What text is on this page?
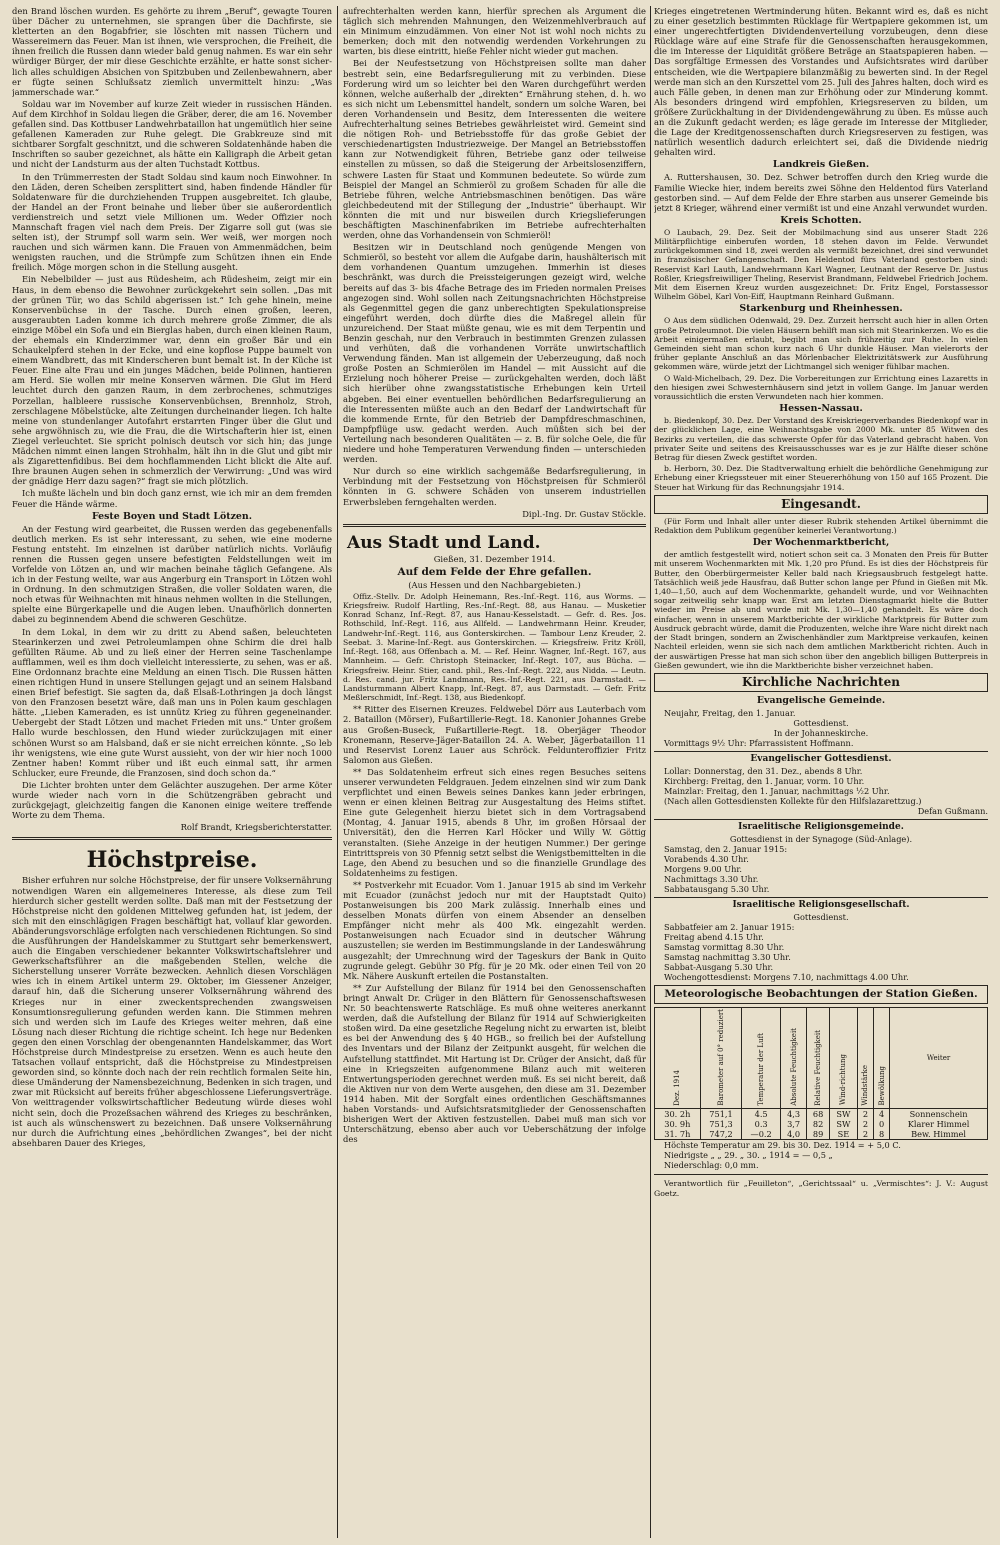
den Brand löschen wurden. Es gehörte zu ihrem „Beruf“, gewagte Touren über Dächer zu unternehmen, sie sprangen über die Dachfirste, sie kletterten an den Bogabfrier, sie löschten mit nassen Tüchern und Wassereimern das Feuer. Man ist ihnen, wie versprochen, die Freiheit, die ihnen freilich die Russen dann wieder bald genug nahmen. Es war ein sehr würdiger Bürger, der mir diese Geschichte erzählte, er hatte sonst sicher-lich alles schuldigen Absichen von Spitzbuben und Zeilenbewahnern, aber er fügte seinen Schlußsatz ziemlich unvermittelt hinzu: „Was jammerschade war.“

Soldau war im November auf kurze Zeit wieder in russischen Händen. Auf dem Kirchhof in Soldau liegen die Gräber, derer, die am 16. November gefallen sind. Das Kottbuser Landwehrbataillon hat ungemütlich hier seine gefallenen Kameraden zur Ruhe gelegt. Die Grabkreuze sind mit sichtbarer Sorgfalt geschnitzt, und die schweren Soldatenhände haben die Inschriften so sauber gezeichnet, als hätte ein Kalligraph die Arbeit getan und nicht der Landsturm aus der alten Tuchstadt Kottbus.

In den Trümmerresten der Stadt Soldau sind kaum noch Einwohner. In den Läden, deren Scheiben zersplittert sind, haben findende Händler für Soldatenware für die durchziehenden Truppen ausgebreitet. Ich glaube, der Handel an der Front beinahe und lieber über sie außerordentlich verdienstreich und setzt viele Millionen um. Weder Offizier noch Mannschaft fragen viel nach dem Preis. Der Zigarre soll gut (was sie selten ist), der Strumpf soll warm sein. Wer weiß, wer morgen noch rauchen und sich wärmen kann. Die Frauen von Ammenmädchen, beim wenigsten rauchen, und die Strümpfe zum Schützen ihnen ein Ende freilich. Möge morgen schon in die Stellung ausgeht.

Ein Nebelbilder — just aus Rüdesheim, ach Rüdesheim, zeigt mir ein Haus, in dem ebenso die Bewohner zurückgekehrt sein sollen. „Das mit der grünen Tür, wo das Schild abgerissen ist.“ Ich gehe hinein, meine Konservenbüchse in der Tasche. Durch einen großen, leeren, ausgeraubten Laden komme ich durch mehrere große Zimmer, die als einzige Möbel ein Sofa und ein Bierglas haben, durch einen kleinen Raum, der ehemals ein Kinderzimmer war, denn ein großer Bär und ein Schaukelpferd stehen in der Ecke, und eine kopflose Puppe baumelt von einem Wandbrett, das mit Kinderscheren bunt bemalt ist. In der Küche ist Feuer. Eine alte Frau und ein junges Mädchen, beide Polinnen, hantieren am Herd. Sie wollen mir meine Konserven wärmen. Die Glut im Herd leuchtet durch den ganzen Raum, in dem zerbrochenes, schmutziges Porzellan, halbleere russische Konservenbüchsen, Brennholz, Stroh, zerschlagene Möbelstücke, alte Zeitungen durcheinander liegen. Ich halte meine von stundenlanger Autofahrt erstarrten Finger über die Glut und sehe argwöhnisch zu, wie die Frau, die die Wirtschafterin hier ist, einen Ziegel verleuchtet. Sie spricht polnisch deutsch vor sich hin; das junge Mädchen nimmt einen langen Strohhalm, hält ihn in die Glut und gibt mir als Zigarettenfidibus. Bei dem hochflammenden Licht blickt die Alte auf. Ihre braunen Augen sehen in schmerzlich der Verwirrung: „Und was wird der gnädige Herr dazu sagen?“ fragt sie mich plötzlich.

Ich mußte lächeln und bin doch ganz ernst, wie ich mir an dem fremden Feuer die Hände wärme.

Feste Boyen und Stadt Lötzen.

An der Festung wird gearbeitet, die Russen werden das gegebenenfalls deutlich merken. Es ist sehr interessant, zu sehen, wie eine moderne Festung entsteht. Im einzelnen ist darüber natürlich nichts. Vorläufig rennen die Russen gegen unsere befestigten Feldstellungen weit im Vorfelde von Lötzen an, und wir machen beinahe täglich Gefangene. Als ich in der Festung weilte, war aus Angerburg ein Transport in Lötzen wohl in Ordnung. In den schmutzigen Straßen, die voller Soldaten waren, die noch etwas für Weihnachten mit hinaus nehmen wollten in die Stellungen, spielte eine Bürgerkapelle und die Augen leben. Unaufhörlich donnerten dabei zu beginnendem Abend die schweren Geschütze.

In dem Lokal, in dem wir zu dritt zu Abend saßen, beleuchteten Stearinkerzen und zwei Petroleumlampen ohne Schirm die drei halb gefüllten Räume. Ab und zu ließ einer der Herren seine Taschenlampe aufflammen, weil es ihm doch vielleicht interessierte, zu sehen, was er aß. Eine Ordonnanz brachte eine Meldung an einen Tisch. Die Russen hätten einen richtigen Hund in unsere Stellungen gejagt und an seinem Halsband einen Brief befestigt. Sie sagten da, daß Elsaß-Lothringen ja doch längst von den Franzosen besetzt wäre, daß man uns in Polen kaum geschlagen hätte. „Lieben Kameraden, es ist unnütz Krieg zu führen gegeneinander. Uebergebt der Stadt Lötzen und machet Frieden mit uns.“ Unter großem Hallo wurde beschlossen, den Hund wieder zurückzujagen mit einer schönen Wurst so am Halsband, daß er sie nicht erreichen könnte. „So leb ihr wenigstens, wie eine gute Wurst aussieht, von der wir hier noch 1000 Zentner haben! Kommt rüber und ißt euch einmal satt, ihr armen Schlucker, eure Freunde, die Franzosen, sind doch schon da.“

Die Lichter brohten unter dem Gelächter auszugehen. Der arme Köter wurde wieder nach vorn in die Schützengräben gebracht und zurückgejagt, gleichzeitig fangen die Kanonen einige weitere treffende Worte zu dem Thema.

Rolf Brandt, Kriegsberichterstatter.

Höchstpreise.

Bisher erfuhren nur solche Höchstpreise, der für unsere Volksernährung notwendigen Waren ein allgemeineres Interesse, als diese zum Teil hierdurch sicher gestellt werden sollte. Daß man mit der Festsetzung der Höchstpreise nicht den goldenen Mittelweg gefunden hat, ist jedem, der sich mit den einschlägigen Fragen beschäftigt hat, vollauf klar geworden. Abänderungsvorschläge erfolgten nach verschiedenen Richtungen. So sind die Ausführungen der Handelskammer zu Stuttgart sehr bemerkenswert, auch die Eingaben verschiedener bekannter Volkswirtschaftslehrer und Gewerkschaftsführer an die maßgebenden Stellen, welche die Sicherstellung unserer Vorräte bezwecken. Aehnlich diesen Vorschlägen wies ich in einem Artikel unterm 29. Oktober, im Giessener Anzeiger, darauf hin, daß die Sicherung unserer Volksernährung während des Krieges nur in einer zweckentsprechenden zwangsweisen Konsumtionsregulierung gefunden werden kann. Die Stimmen mehren sich und werden sich im Laufe des Krieges weiter mehren, daß eine Lösung nach dieser Richtung die richtige scheint. Ich hege nur Bedenken gegen den einen Vorschlag der obengenannten Handelskammer, das Wort Höchstpreise durch Mindestpreise zu ersetzen. Wenn es auch heute den Tatsachen vollauf entspricht, daß die Höchstpreise zu Mindestpreisen geworden sind, so könnte doch nach der rein rechtlich formalen Seite hin, diese Umänderung der Namensbezeichnung, Bedenken in sich tragen, und zwar mit Rücksicht auf bereits früher abgeschlossene Lieferungsverträge. Von weittragender volkswirtschaftlicher Bedeutung würde dieses wohl nicht sein, doch die Prozeßsachen während des Krieges zu beschränken, ist auch als wünschenswert zu bezeichnen. Daß unsere Volksernährung nur durch die Aufrichtung eines „behördlichen Zwanges“, bei der nicht absehbaren Dauer des Krieges,

aufrechterhalten werden kann, hierfür sprechen als Argument die täglich sich mehrenden Mahnungen, den Weizenmehlverbrauch auf ein Minimum einzudämmen. Von einer Not ist wohl noch nichts zu bemerken; doch mit den notwendig werdenden Vorkehrungen zu warten, bis diese eintritt, hieße Fehler nicht wieder gut machen.

Bei der Neufestsetzung von Höchstpreisen sollte man daher bestrebt sein, eine Bedarfsregulierung mit zu verbinden. Diese Forderung wird um so leichter bei den Waren durchgeführt werden können, welche außerhalb der „direkten“ Ernährung stehen, d. h. wo es sich nicht um Lebensmittel handelt, sondern um solche Waren, bei deren Vorhandensein und Besitz, dem Interessenten die weitere Aufrechterhaltung seines Betriebes gewährleistet wird. Gemeint sind die nötigen Roh- und Betriebsstoffe für das große Gebiet der verschiedenartigsten Industriezweige. Der Mangel an Betriebsstoffen kann zur Notwendigkeit führen, Betriebe ganz oder teilweise einstellen zu müssen, so daß die Steigerung der Arbeitslosenziffern, schwere Lasten für Staat und Kommunen bedeutete. So würde zum Beispiel der Mangel an Schmieröl zu großem Schaden für alle die Betriebe führen, welche Antriebsmaschinen benötigen. Das wäre gleichbedeutend mit der Stillegung der „Industrie“ überhaupt. Wir könnten die mit und nur bisweilen durch Kriegslieferungen beschäftigten Maschinenfabriken im Betriebe aufrechterhalten werden, ohne das Vorhandensein von Schmieröl!

Besitzen wir in Deutschland noch genügende Mengen von Schmieröl, so besteht vor allem die Aufgabe darin, haushälterisch mit dem vorhandenen Quantum umzugehen. Immerhin ist dieses beschränkt, was durch die Preissteigerungen gezeigt wird, welche bereits auf das 3- bis 4fache Betrage des im Frieden normalen Preises angezogen sind. Wohl sollen nach Zeitungsnachrichten Höchstpreise als Gegenmittel gegen die ganz unberechtigten Spekulationspreise eingeführt werden, doch dürfte dies die Maßregel allein für unzureichend. Der Staat müßte genau, wie es mit dem Terpentin und Benzin geschah, nur den Verbrauch in bestimmten Grenzen zulassen und verhüten, daß die vorhandenen Vorräte unwirtschaftlich Verwendung fänden. Man ist allgemein der Ueberzeugung, daß noch große Posten an Schmierölen im Handel — mit Aussicht auf die Erzielung noch höherer Preise — zurückgehalten werden, doch läßt sich hierüber ohne zwangsstatistische Erhebungen kein Urteil abgeben. Bei einer eventuellen behördlichen Bedarfsregulierung an die Interessenten müßte auch an den Bedarf der Landwirtschaft für die kommende Ernte, für den Betrieb der Dampfdreschmaschinen, Dampfpflüge usw. gedacht werden. Auch müßten sich bei der Verteilung nach besonderen Qualitäten — z. B. für solche Oele, die für niedere und hohe Temperaturen Verwendung finden — unterschieden werden.

Nur durch so eine wirklich sachgemäße Bedarfsregulierung, in Verbindung mit der Festsetzung von Höchstpreisen für Schmieröl könnten in G. schwere Schäden von unserem industriellen Erwerbsleben ferngehalten werden.

Dipl.-Ing. Dr. Gustav Stöckle.

Aus Stadt und Land.

Gießen, 31. Dezember 1914.

Auf dem Felde der Ehre gefallen.

(Aus Hessen und den Nachbargebieten.)

Offiz.-Stellv. Dr. Adolph Heinemann, Res.-Inf.-Regt. 116, aus Worms. — Kriegsfreiw. Rudolf Hartling, Res.-Inf.-Regt. 88, aus Hanau. — Musketier Konrad Schanz, Inf.-Regt. 87, aus Hanau-Kesselstadt. — Gefr. d. Res. Jos. Rothschild, Inf.-Regt. 116, aus Allfeld. — Landwehrmann Heinr. Kreuder, Landwehr-Inf.-Regt. 116, aus Gonterskirchen. — Tambour Lenz Kreuder, 2. Seebat. 3. Marine-Inf.-Regt. aus Gonterskirchen. — Kriegsfreiw. Fritz Kröll, Inf.-Regt. 168, aus Offenbach a. M. — Ref. Heinr. Wagner, Inf.-Regt. 167, aus Mannheim. — Gefr. Christoph Steinacker, Inf.-Regt. 107, aus Bücha. — Kriegsfreiw. Heinr. Stier, cand. phil., Res.-Inf.-Regt. 222, aus Nidda. — Leutn. d. Res. cand. jur. Fritz Landmann, Res.-Inf.-Regt. 221, aus Darmstadt. — Landsturmmann Albert Knapp, Inf.-Regt. 87, aus Darmstadt. — Gefr. Fritz Meßlerschmidt, Inf.-Regt. 138, aus Biedenkopf.

** Ritter des Eisernen Kreuzes. Feldwebel Dörr aus Lauterbach vom 2. Bataillon (Mörser), Fußartillerie-Regt. 18. Kanonier Johannes Grebe aus Großen-Buseck, Fußartillerie-Regt. 18. Oberjäger Theodor Kronemann, Reserve-Jäger-Bataillon 24. A. Weber, Jägerbataillon 11 und Reservist Lorenz Lauer aus Schröck. Feldunteroffizier Fritz Salomon aus Gießen.

** Das Soldatenheim erfreut sich eines regen Besuches seitens unserer verwundeten Feldgrauen. Jedem einzelnen sind wir zum Dank verpflichtet und einen Beweis seines Dankes kann jeder erbringen, wenn er einen kleinen Beitrag zur Ausgestaltung des Heims stiftet. Eine gute Gelegenheit hierzu bietet sich in dem Vortragsabend (Montag, 4. Januar 1915, abends 8 Uhr, im großen Hörsaal der Universität), den die Herren Karl Höcker und Willy W. Göttig veranstalten. (Siehe Anzeige in der heutigen Nummer.) Der geringe Eintrittspreis von 30 Pfennig setzt selbst die Wenigstbemittelten in die Lage, den Abend zu besuchen und so die finanzielle Grundlage des Soldatenheims zu festigen.

** Postverkehr mit Ecuador. Vom 1. Januar 1915 ab sind im Verkehr mit Ecuador (zunächst jedoch nur mit der Hauptstadt Quito) Postanweisungen bis 200 Mark zulässig. Innerhalb eines und desselben Monats dürfen von einem Absender an denselben Empfänger nicht mehr als 400 Mk. eingezahlt werden. Postanweisungen nach Ecuador sind in deutscher Währung auszustellen; sie werden im Bestimmungslande in der Landeswährung ausgezahlt; der Umrechnung wird der Tageskurs der Bank in Quito zugrunde gelegt. Gebühr 30 Pfg. für je 20 Mk. oder einen Teil von 20 Mk. Nähere Auskunft erteilen die Postanstalten.

** Zur Aufstellung der Bilanz für 1914 bei den Genossenschaften bringt Anwalt Dr. Crüger in den Blättern für Genossenschaftswesen Nr. 50 beachtenswerte Ratschläge. Es muß ohne weiteres anerkannt werden, daß die Aufstellung der Bilanz für 1914 auf Schwierigkeiten stoßen wird. Da eine gesetzliche Regelung nicht zu erwarten ist, bleibt es bei der Anwendung des § 40 HGB., so freilich bei der Aufstellung des Inventars und der Bilanz der Zeitpunkt ausgeht, für welchen die Aufstellung stattfindet. Mit Hartung ist Dr. Crüger der Ansicht, daß für eine in Kriegszeiten aufgenommene Bilanz auch mit weiteren Entwertungsperioden gerechnet werden muß. Es sei nicht bereit, daß die Aktiven nur von dem Werte ausgehen, den diese am 31. Dezember 1914 haben. Mit der Sorgfalt eines ordentlichen Geschäftsmannes haben Vorstands- und Aufsichtsratsmitglieder der Genossenschaften bisherigen Wert der Aktiven festzustellen. Dabei muß man sich vor Unterschätzung, ebenso aber auch vor Ueberschätzung der infolge des

Krieges eingetretenen Wertminderung hüten. Bekannt wird es, daß es nicht zu einer gesetzlich bestimmten Rücklage für Wertpapiere gekommen ist, um einer ungerechtfertigten Dividendenverteilung vorzubeugen, denn diese Rücklage wäre auf eine Strafe für die Genossenschaften herausgekommen, die im Interesse der Liquidität größere Beträge an Staatspapieren haben. — Das sorgfältige Ermessen des Vorstandes und Aufsichtsrates wird darüber entscheiden, wie die Wertpapiere bilanzmäßig zu bewerten sind. In der Regel werde man sich an den Kurszettel vom 25. Juli des Jahres halten, doch wird es auch Fälle geben, in denen man zur Erhöhung oder zur Minderung kommt. Als besonders dringend wird empfohlen, Kriegsreserven zu bilden, um größere Zurückhaltung in der Dividendengewährung zu üben. Es müsse auch an die Zukunft gedacht werden; es läge gerade im Interesse der Mitglieder, die Lage der Kreditgenossenschaften durch Kriegsreserven zu festigen, was natürlich wesentlich dadurch erleichtert sei, daß die Dividende niedrig gehalten wird.

Landkreis Gießen.

A. Ruttershausen, 30. Dez. Schwer betroffen durch den Krieg wurde die Familie Wiecke hier, indem bereits zwei Söhne den Heldentod fürs Vaterland gestorben sind. — Auf dem Felde der Ehre starben aus unserer Gemeinde bis jetzt 8 Krieger, während einer vermißt ist und eine Anzahl verwundet wurden.

Kreis Schotten.

O Laubach, 29. Dez. Seit der Mobilmachung sind aus unserer Stadt 226 Militärpflichtige einberufen worden, 18 stehen davon im Felde. Verwundet zurückgekommen sind 18, zwei werden als vermißt bezeichnet, drei sind verwundet in französischer Gefangenschaft. Den Heldentod fürs Vaterland gestorben sind: Reservist Karl Lauth, Landwehrmann Karl Wagner, Leutnant der Reserve Dr. Justus Roßler, Kriegsfreiwilliger Theling, Reservist Brandmann, Feldwebel Friedrich Jochem. Mit dem Eisernen Kreuz wurden ausgezeichnet: Dr. Fritz Engel, Forstassessor Wilhelm Göbel, Karl Von-Eiff, Hauptmann Reinhard Gußmann.

Starkenburg und Rheinhessen.

O Aus dem südlichen Odenwald, 29. Dez. Zurzeit herrscht auch hier in allen Orten große Petroleumnot. Die vielen Häusern behilft man sich mit Stearinkerzen. Wo es die Arbeit einigermaßen erlaubt, begibt man sich frühzeitig zur Ruhe. In vielen Gemeinden sieht man schon kurz nach 6 Uhr dunkle Häuser. Man vielerorts der früher geplante Anschluß an das Mörlenbacher Elektrizitätswerk zur Ausführung gekommen wäre, würde jetzt der Lichtmangel sich weniger fühlbar machen.

O Wald-Michelbach, 29. Dez. Die Vorbereitungen zur Errichtung eines Lazaretts in den hiesigen zwei Schwesternhäusern sind jetzt in vollem Gange. Im Januar werden voraussichtlich die ersten Verwundeten nach hier kommen.

Hessen-Nassau.

b. Biedenkopf, 30. Dez. Der Vorstand des Kreiskriegerverbandes Biedenkopf war in der glücklichen Lage, eine Weihnachtsgabe von 2000 Mk. unter 85 Witwen des Bezirks zu verteilen, die das schwerste Opfer für das Vaterland gebracht haben. Von privater Seite und seitens des Kreisausschusses war es je zur Hälfte dieser schöne Betrag für diesen Zweck gestiftet worden.

b. Herborn, 30. Dez. Die Stadtverwaltung erhielt die behördliche Genehmigung zur Erhebung einer Kriegssteuer mit einer Steuererhöhung von 150 auf 165 Prozent. Die Steuer hat Wirkung für das Rechnungsjahr 1914.

Eingesandt.

(Für Form und Inhalt aller unter dieser Rubrik stehenden Artikel übernimmt die Redaktion dem Publikum gegenüber keinerlei Verantwortung.)

Der Wochenmarktbericht,

der amtlich festgestellt wird, notiert schon seit ca. 3 Monaten den Preis für Butter mit unserem Wochenmarkten mit Mk. 1,20 pro Pfund. Es ist dies der Höchstpreis für Butter, den Oberbürgermeister Keller bald nach Kriegsausbruch festgelegt hatte. Tatsächlich weiß jede Hausfrau, daß Butter schon lange per Pfund in Gießen mit Mk. 1,40—1,50, auch auf dem Wochenmarkte, gehandelt wurde, und vor Weihnachten sogar zeitweilig sehr knapp war. Erst am letzten Dienstagmarkt hielte die Butter wieder im Preise ab und wurde mit Mk. 1,30—1,40 gehandelt. Es wäre doch einfacher, wenn in unserem Marktberichte der wirkliche Marktpreis für Butter zum Ausdruck gebracht würde, damit die Produzenten, welche ihre Ware nicht direkt nach der Stadt bringen, sondern an Zwischenhändler zum Marktpreise verkaufen, keinen Nachteil erleiden, wenn sie sich nach dem amtlichen Marktbericht richten. Auch in der auswärtigen Presse hat man sich schon über den angeblich billigen Butterpreis in Gießen gewundert, wie ihn die Marktberichte bisher verzeichnet haben.

Kirchliche Nachrichten
Evangelische Gemeinde.

Neujahr, Freitag, den 1. Januar.

Gottesdienst.

In der Johanneskirche.

Vormittags 9½ Uhr: Pfarrassistent Hoffmann.

Evangelischer Gottesdienst.

Lollar: Donnerstag, den 31. Dez., abends 8 Uhr.

Kirchberg: Freitag, den 1. Januar, vorm. 10 Uhr.

Mainzlar: Freitag, den 1. Januar, nachmittags ½2 Uhr.

(Nach allen Gottesdiensten Kollekte für den Hilfslazarettzug.)

Defan Gußmann.

Israelitische Religionsgemeinde.

Gottesdienst in der Synagoge (Süd-Anlage).

Samstag, den 2. Januar 1915:

Vorabends 4.30 Uhr.

Morgens 9.00 Uhr.

Nachmittags 3.30 Uhr.

Sabbatausgang 5.30 Uhr.

Israelitische Religionsgesellschaft.

Gottesdienst.

Sabbatfeier am 2. Januar 1915:

Freitag abend 4.15 Uhr.

Samstag vormittag 8.30 Uhr.

Samstag nachmittag 3.30 Uhr.

Sabbat-Ausgang 5.30 Uhr.

Wochengottesdienst: Morgens 7.10, nachmittags 4.00 Uhr.

Meteorologische Beobachtungen der Station Gießen.
Dez. 1914	Barometer auf 0° reduziert	Temperatur der Luft	Absolute Feuchtigkeit	Relative Feuchtigkeit	Wind-richtung	Windstärke	Bewölkung	Weiter
30. 2h	751,1	4.5	4,3	68	SW	2	4	Sonnenschein
30. 9h	751,3	0.3	3,7	82	SW	2	0	Klarer Himmel
31. 7h	747,2	—0.2	4,0	89	SE	2	8	Bew. Himmel

Höchste Temperatur am 29. bis 30. Dez. 1914 = + 5,0 C.

Niedrigste „ „ 29. „ 30. „ 1914 = — 0,5 „

Niederschlag: 0,0 mm.

Verantwortlich für „Feuilleton“, „Gerichtssaal“ u. „Vermischtes“: J. V.: August Goetz.
